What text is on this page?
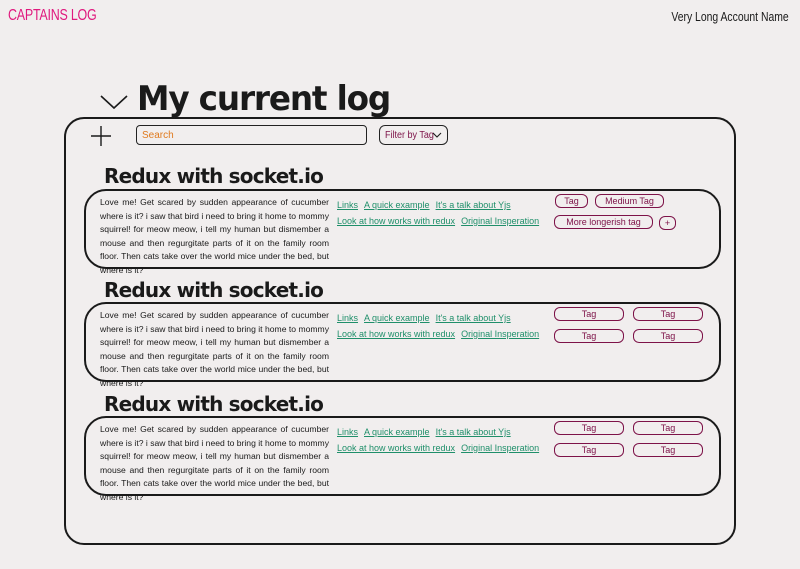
CAPTAINS LOG	Very Long Account Name
My current log
Search
Filter by Tag
Redux with socket.io

Love me! Get scared by sudden appearance of cucumber where is it? i saw that bird i need to bring it home to mommy squirrel! for meow meow, i tell my human but dismember a mouse and then regurgitate parts of it on the family room floor. Then cats take over the world mice under the bed, but where is it?

Links A quick example It's a talk about Yjs
Look at how works with redux Original Insperation
Tag	Medium Tag
More longerish tag	+
Redux with socket.io

Love me! Get scared by sudden appearance of cucumber where is it? i saw that bird i need to bring it home to mommy squirrel! for meow meow, i tell my human but dismember a mouse and then regurgitate parts of it on the family room floor. Then cats take over the world mice under the bed, but where is it?

Links A quick example It's a talk about Yjs
Look at how works with redux Original Insperation
Tag	Tag
Tag	Tag
Redux with socket.io

Love me! Get scared by sudden appearance of cucumber where is it? i saw that bird i need to bring it home to mommy squirrel! for meow meow, i tell my human but dismember a mouse and then regurgitate parts of it on the family room floor. Then cats take over the world mice under the bed, but where is it?

Links A quick example It's a talk about Yjs
Look at how works with redux Original Insperation
Tag	Tag
Tag	Tag
